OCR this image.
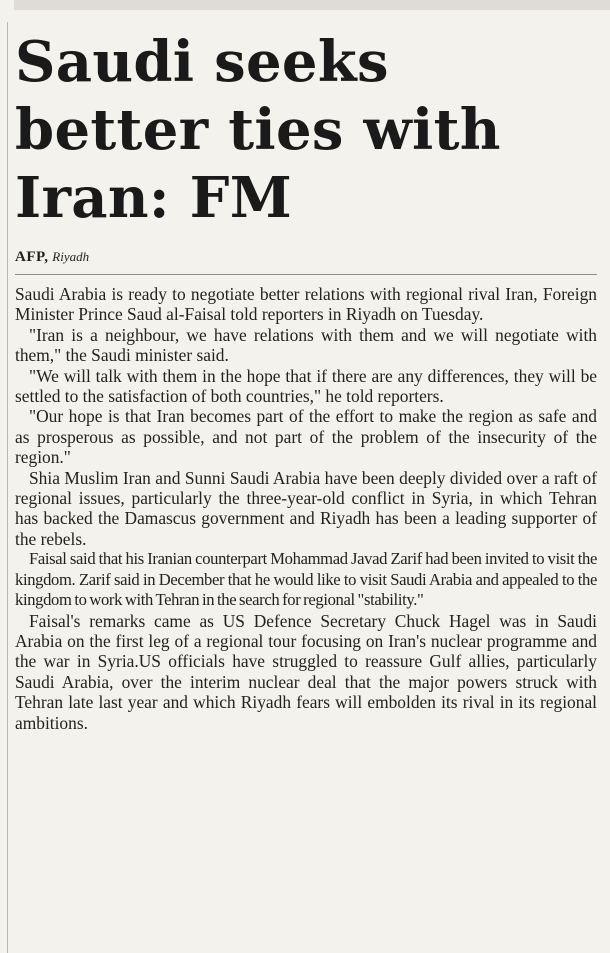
Saudi seeks better ties with Iran: FM
AFP, Riyadh

Saudi Arabia is ready to negotiate better relations with regional rival Iran, Foreign Minister Prince Saud al-Faisal told reporters in Riyadh on Tuesday.

"Iran is a neighbour, we have relations with them and we will negotiate with them," the Saudi minister said.

"We will talk with them in the hope that if there are any differences, they will be settled to the satisfaction of both countries," he told reporters.

"Our hope is that Iran becomes part of the effort to make the region as safe and as prosperous as possible, and not part of the problem of the insecurity of the region."

Shia Muslim Iran and Sunni Saudi Arabia have been deeply divided over a raft of regional issues, particularly the three-year-old conflict in Syria, in which Tehran has backed the Damascus government and Riyadh has been a leading supporter of the rebels.

Faisal said that his Iranian counterpart Mohammad Javad Zarif had been invited to visit the kingdom. Zarif said in December that he would like to visit Saudi Arabia and appealed to the kingdom to work with Tehran in the search for regional "stability."

Faisal's remarks came as US Defence Secretary Chuck Hagel was in Saudi Arabia on the first leg of a regional tour focusing on Iran's nuclear programme and the war in Syria.US officials have struggled to reassure Gulf allies, particularly Saudi Arabia, over the interim nuclear deal that the major powers struck with Tehran late last year and which Riyadh fears will embolden its rival in its regional ambitions.
